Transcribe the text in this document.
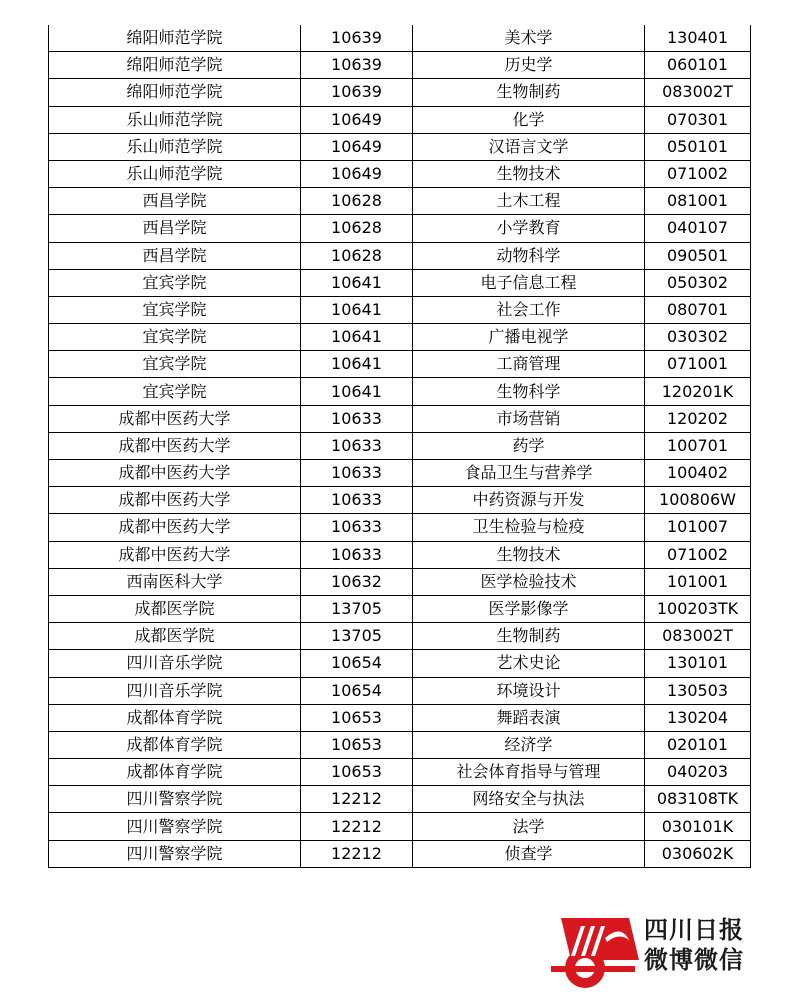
绵阳师范学院	10639	美术学	130401
绵阳师范学院	10639	历史学	060101
绵阳师范学院	10639	生物制药	083002T
乐山师范学院	10649	化学	070301
乐山师范学院	10649	汉语言文学	050101
乐山师范学院	10649	生物技术	071002
西昌学院	10628	土木工程	081001
西昌学院	10628	小学教育	040107
西昌学院	10628	动物科学	090501
宜宾学院	10641	电子信息工程	050302
宜宾学院	10641	社会工作	080701
宜宾学院	10641	广播电视学	030302
宜宾学院	10641	工商管理	071001
宜宾学院	10641	生物科学	120201K
成都中医药大学	10633	市场营销	120202
成都中医药大学	10633	药学	100701
成都中医药大学	10633	食品卫生与营养学	100402
成都中医药大学	10633	中药资源与开发	100806W
成都中医药大学	10633	卫生检验与检疫	101007
成都中医药大学	10633	生物技术	071002
西南医科大学	10632	医学检验技术	101001
成都医学院	13705	医学影像学	100203TK
成都医学院	13705	生物制药	083002T
四川音乐学院	10654	艺术史论	130101
四川音乐学院	10654	环境设计	130503
成都体育学院	10653	舞蹈表演	130204
成都体育学院	10653	经济学	020101
成都体育学院	10653	社会体育指导与管理	040203
四川警察学院	12212	网络安全与执法	083108TK
四川警察学院	12212	法学	030101K
四川警察学院	12212	侦查学	030602K
四川日报
微博微信
